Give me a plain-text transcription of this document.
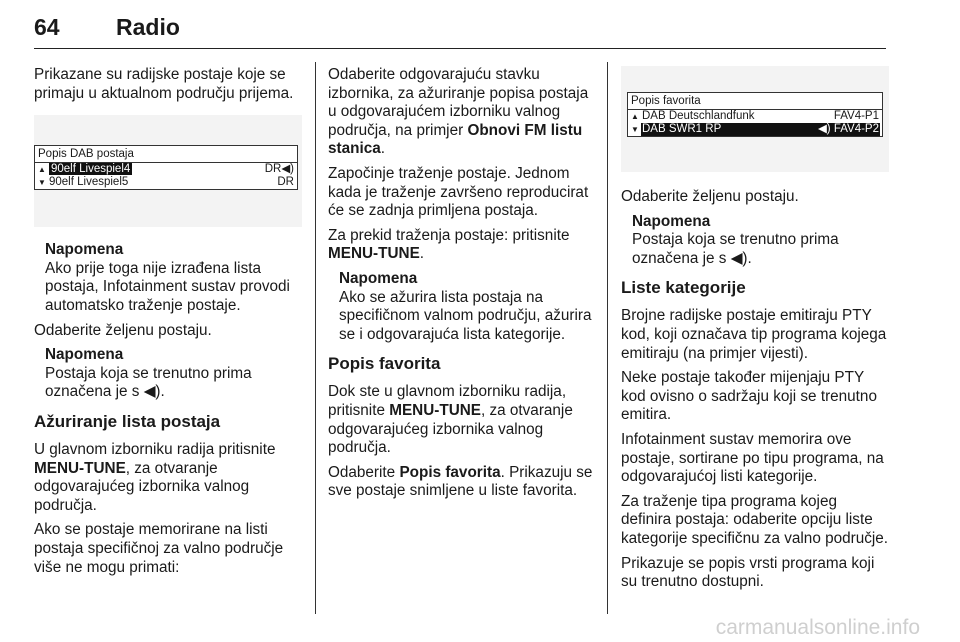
64 Radio

Prikazane su radijske postaje koje se primaju u aktualnom području prijema.

Popis DAB postaja
▲ 90elf Livespiel4	DR◀)
▼ 90elf Livespiel5	DR
Napomena
Ako prije toga nije izrađena lista postaja, Infotainment sustav provodi automatsko traženje postaje.

Odaberite željenu postaju.

Napomena
Postaja koja se trenutno prima označena je s ◀).
Ažuriranje lista postaja

U glavnom izborniku radija pritisnite MENU-TUNE, za otvaranje odgovarajućeg izbornika valnog područja.

Ako se postaje memorirane na listi postaja specifičnoj za valno područje više ne mogu primati:

Odaberite odgovarajuću stavku izbornika, za ažuriranje popisa postaja u odgovarajućem izborniku valnog područja, na primjer Obnovi FM listu stanica.

Započinje traženje postaje. Jednom kada je traženje završeno reproducirat će se zadnja primljena postaja.

Za prekid traženja postaje: pritisnite MENU-TUNE.

Napomena
Ako se ažurira lista postaja na specifičnom valnom području, ažurira se i odgovarajuća lista kategorije.
Popis favorita

Dok ste u glavnom izborniku radija, pritisnite MENU-TUNE, za otvaranje odgovarajućeg izbornika valnog područja.

Odaberite Popis favorita. Prikazuju se sve postaje snimljene u liste favorita.

Popis favorita
▲ DAB Deutschlandfunk	FAV4-P1
▼ DAB SWR1 RP	◀) FAV4-P2

Odaberite željenu postaju.

Napomena
Postaja koja se trenutno prima označena je s ◀).
Liste kategorije

Brojne radijske postaje emitiraju PTY kod, koji označava tip programa kojega emitiraju (na primjer vijesti).

Neke postaje također mijenjaju PTY kod ovisno o sadržaju koji se trenutno emitira.

Infotainment sustav memorira ove postaje, sortirane po tipu programa, na odgovarajućoj listi kategorije.

Za traženje tipa programa kojeg definira postaja: odaberite opciju liste kategorije specifičnu za valno područje.

Prikazuje se popis vrsti programa koji su trenutno dostupni.

carmanualsonline.info
